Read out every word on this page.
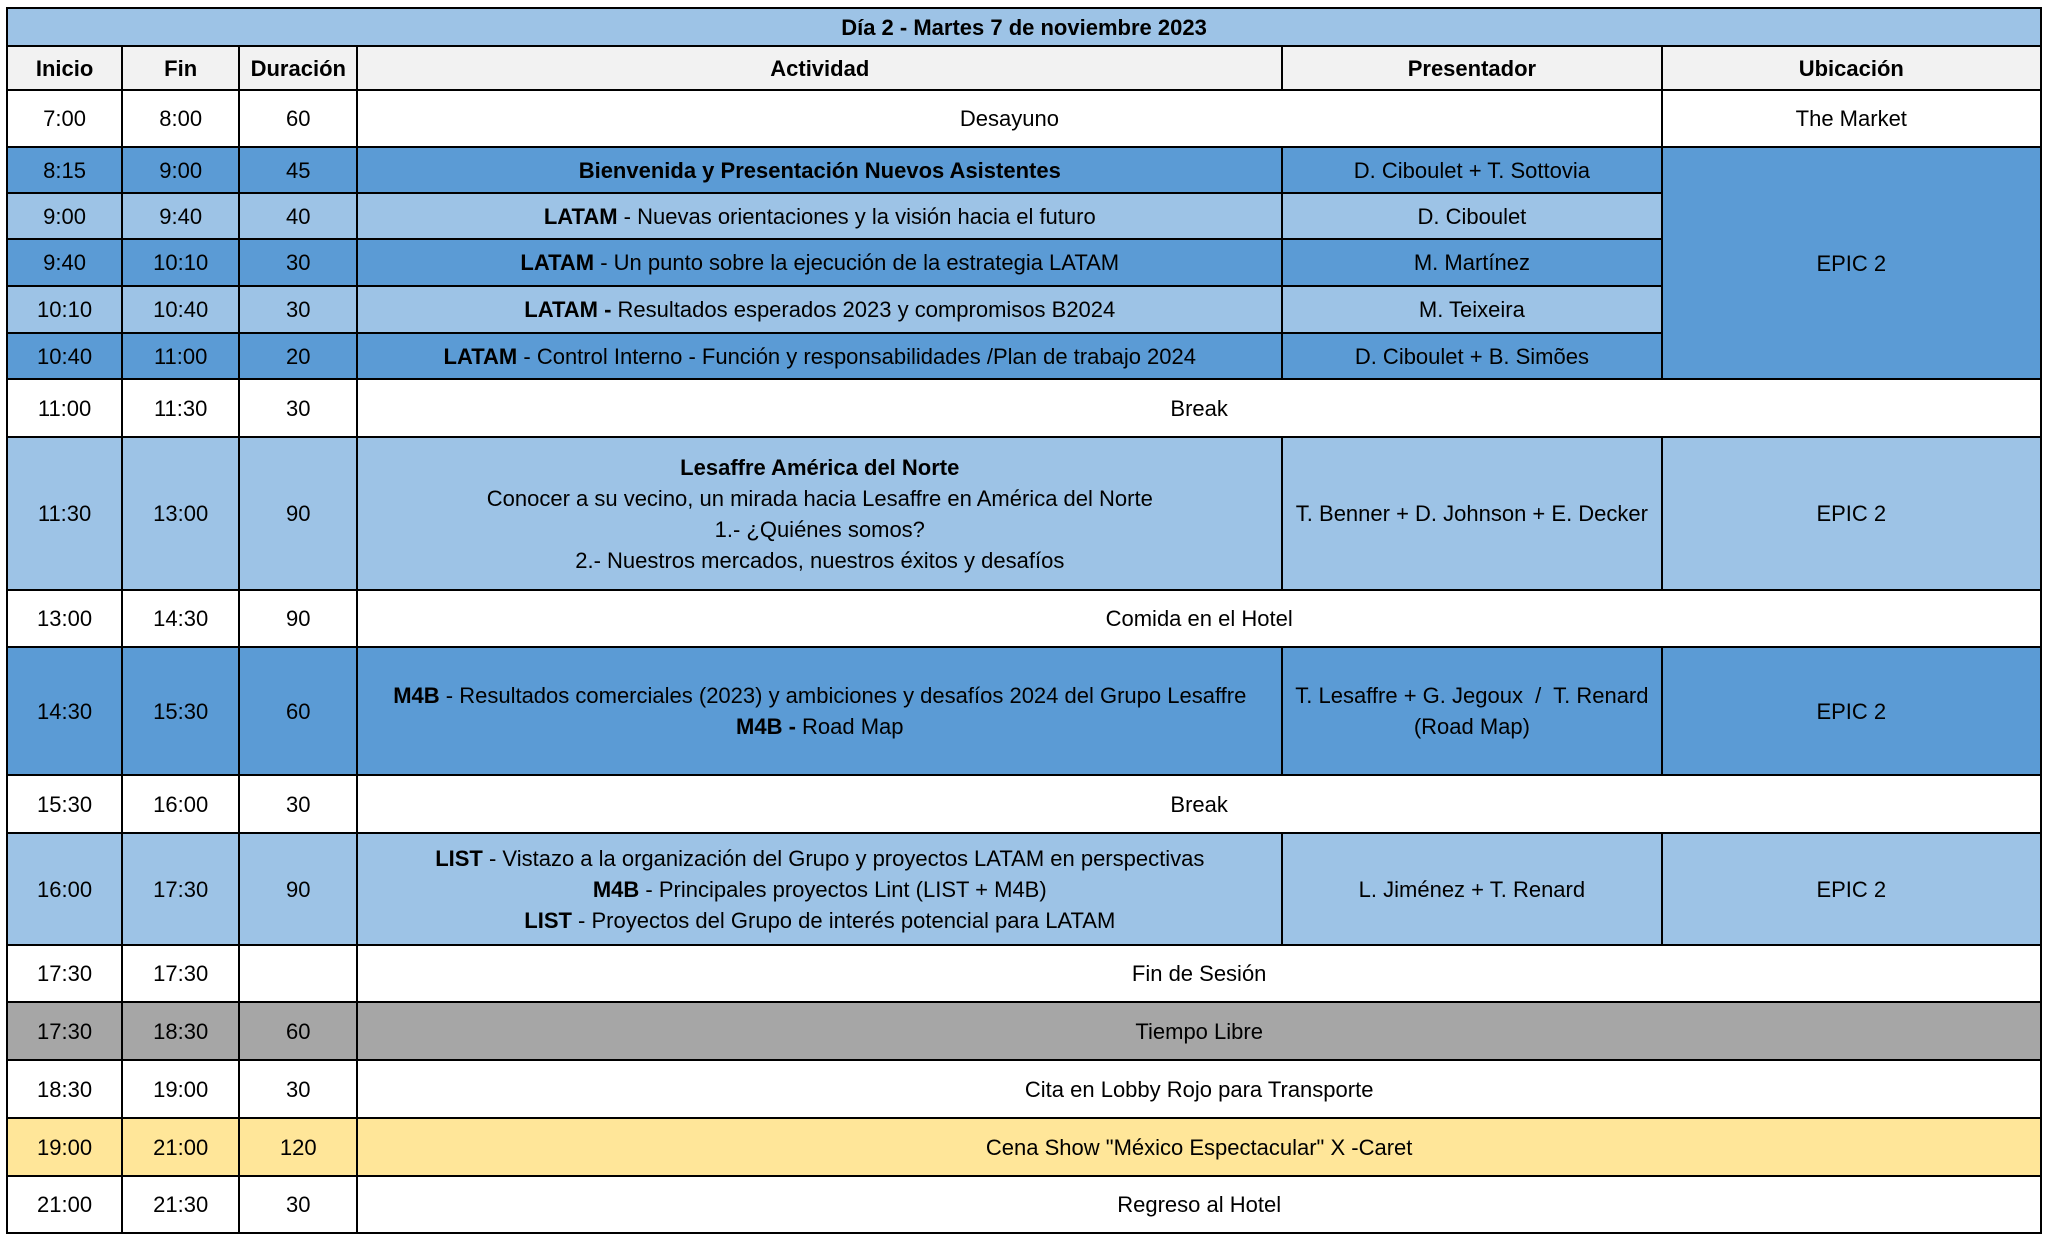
Día 2 - Martes 7 de noviembre 2023					
Inicio	Fin	Duración	Actividad	Presentador	Ubicación
7:00	8:00	60	Desayuno		The Market
8:15	9:00	45	Bienvenida y Presentación Nuevos Asistentes	D. Ciboulet + T. Sottovia	EPIC 2
9:00	9:40	40	LATAM - Nuevas orientaciones y la visión hacia el futuro	D. Ciboulet	
9:40	10:10	30	LATAM - Un punto sobre la ejecución de la estrategia LATAM	M. Martínez	
10:10	10:40	30	LATAM - Resultados esperados 2023 y compromisos B2024	M. Teixeira	
10:40	11:00	20	LATAM - Control Interno - Función y responsabilidades /Plan de trabajo 2024	D. Ciboulet + B. Simões	
11:00	11:30	30	Break		
11:30	13:00	90	Lesaffre América del Norte
Conocer a su vecino, un mirada hacia Lesaffre en América del Norte
1.- ¿Quiénes somos?
2.- Nuestros mercados, nuestros éxitos y desafíos	T. Benner + D. Johnson + E. Decker	EPIC 2
13:00	14:30	90	Comida en el Hotel		
14:30	15:30	60	M4B - Resultados comerciales (2023) y ambiciones y desafíos 2024 del Grupo Lesaffre
M4B - Road Map	T. Lesaffre + G. Jegoux  /  T. Renard
(Road Map)	EPIC 2
15:30	16:00	30	Break		
16:00	17:30	90	LIST - Vistazo a la organización del Grupo y proyectos LATAM en perspectivas
M4B - Principales proyectos Lint (LIST + M4B)
LIST - Proyectos del Grupo de interés potencial para LATAM	L. Jiménez + T. Renard	EPIC 2
17:30	17:30		Fin de Sesión		
17:30	18:30	60	Tiempo Libre		
18:30	19:00	30	Cita en Lobby Rojo para Transporte		
19:00	21:00	120	Cena Show "México Espectacular" X -Caret		
21:00	21:30	30	Regreso al Hotel		
